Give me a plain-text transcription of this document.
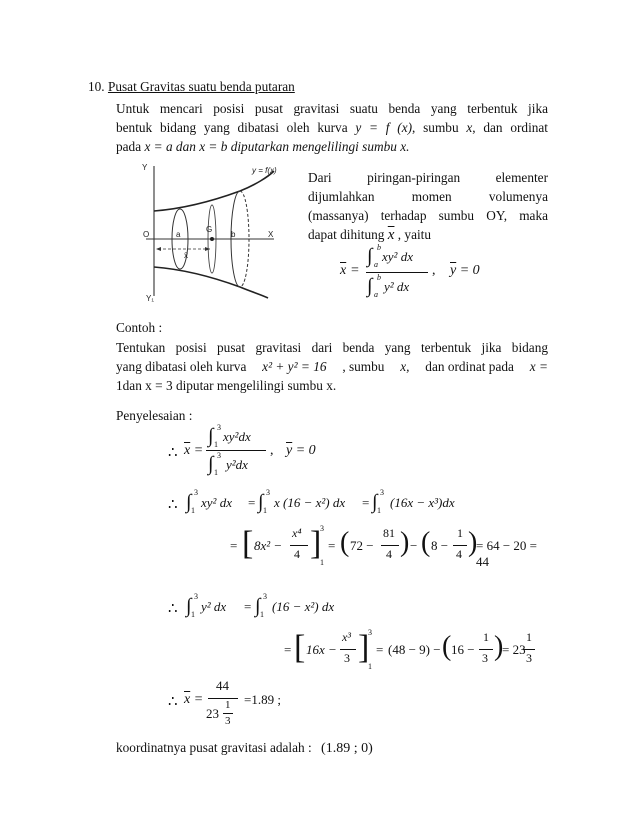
10. Pusat Gravitas suatu benda putaran
Untuk mencari posisi pusat gravitasi suatu benda yang terbentuk jika
bentuk bidang yang dibatasi oleh kurva y = f (x), sumbu x, dan ordinat
pada x = a dan x = b diputarkan mengelilingi sumbu x.
Y
Y₁
O	a
G
b	X
x̄
y = f(x) Dari	piringan-piringan	elementer
dijumlahkan	momen	volumenya
(massanya) terhadap sumbu OY, maka
dapat dihitung $\overline{x}$ , yaitu
$\overline{x}$ =
∫ b
a
xy² dx
∫ b
a
y² dx
, $\overline{y} = 0$
Contoh :
Tentukan posisi pusat gravitasi dari benda yang terbentuk jika bidang
yang dibatasi oleh kurva x² + y² = 16 , sumbu x, dan ordinat pada x =
1dan x = 3 diputar mengelilingi sumbu x.
Penyelesaian :
∴ $\overline{x}$ =
∫ 3
1
xy²dx
∫ 3
1
y²dx
, $\overline{y} = 0$
∴ ∫ 3
1
xy² dx = ∫ 3
1
x (16 − x²) dx = ∫ 3
1
(16x − x³)dx
= [ 8x² −
x⁴
4 ]
3
1
= ( 72 −
81
4 ) − ( 8 −
1
4 )
= 64 − 20 = 44
∴ ∫ 3
1
y² dx = ∫ 3
1
(16 − x²) dx
= [ 16x −
x³
3 ]
3
1
= (48 − 9) − ( 16 −
1
3 )
= 23
1
3
∴ $\overline{x}$ =
44
23
1
3
=1.89 ;
koordinatnya pusat gravitasi adalah : (1.89 ; 0)
